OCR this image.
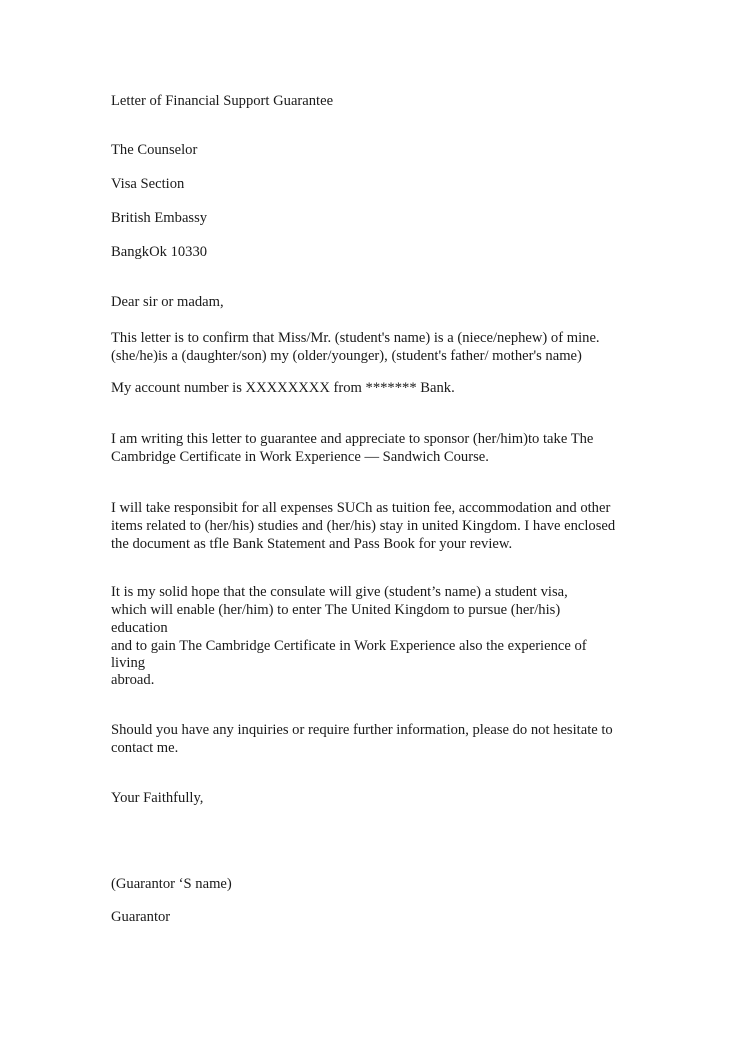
Letter of Financial Support Guarantee

The Counselor

Visa Section

British Embassy

BangkOk 10330

Dear sir or madam,

This letter is to confirm that Miss/Mr. (student's name) is a (niece/nephew) of mine.

(she/he)is a (daughter/son) my (older/younger), (student's father/ mother's name)

My account number is XXXXXXXX from ******* Bank.

I am writing this letter to guarantee and appreciate to sponsor (her/him)to take The

Cambridge Certificate in Work Experience — Sandwich Course.

I will take responsibit for all expenses SUCh as tuition fee, accommodation and other

items related to (her/his) studies and (her/his) stay in united Kingdom. I have enclosed

the document as tfle Bank Statement and Pass Book for your review.

It is my solid hope that the consulate will give (student’s name) a student visa,

which will enable (her/him) to enter The United Kingdom to pursue (her/his)

education

and to gain The Cambridge Certificate in Work Experience also the experience of

living

abroad.

Should you have any inquiries or require further information, please do not hesitate to

contact me.

Your Faithfully,

(Guarantor ‘S name)

Guarantor
